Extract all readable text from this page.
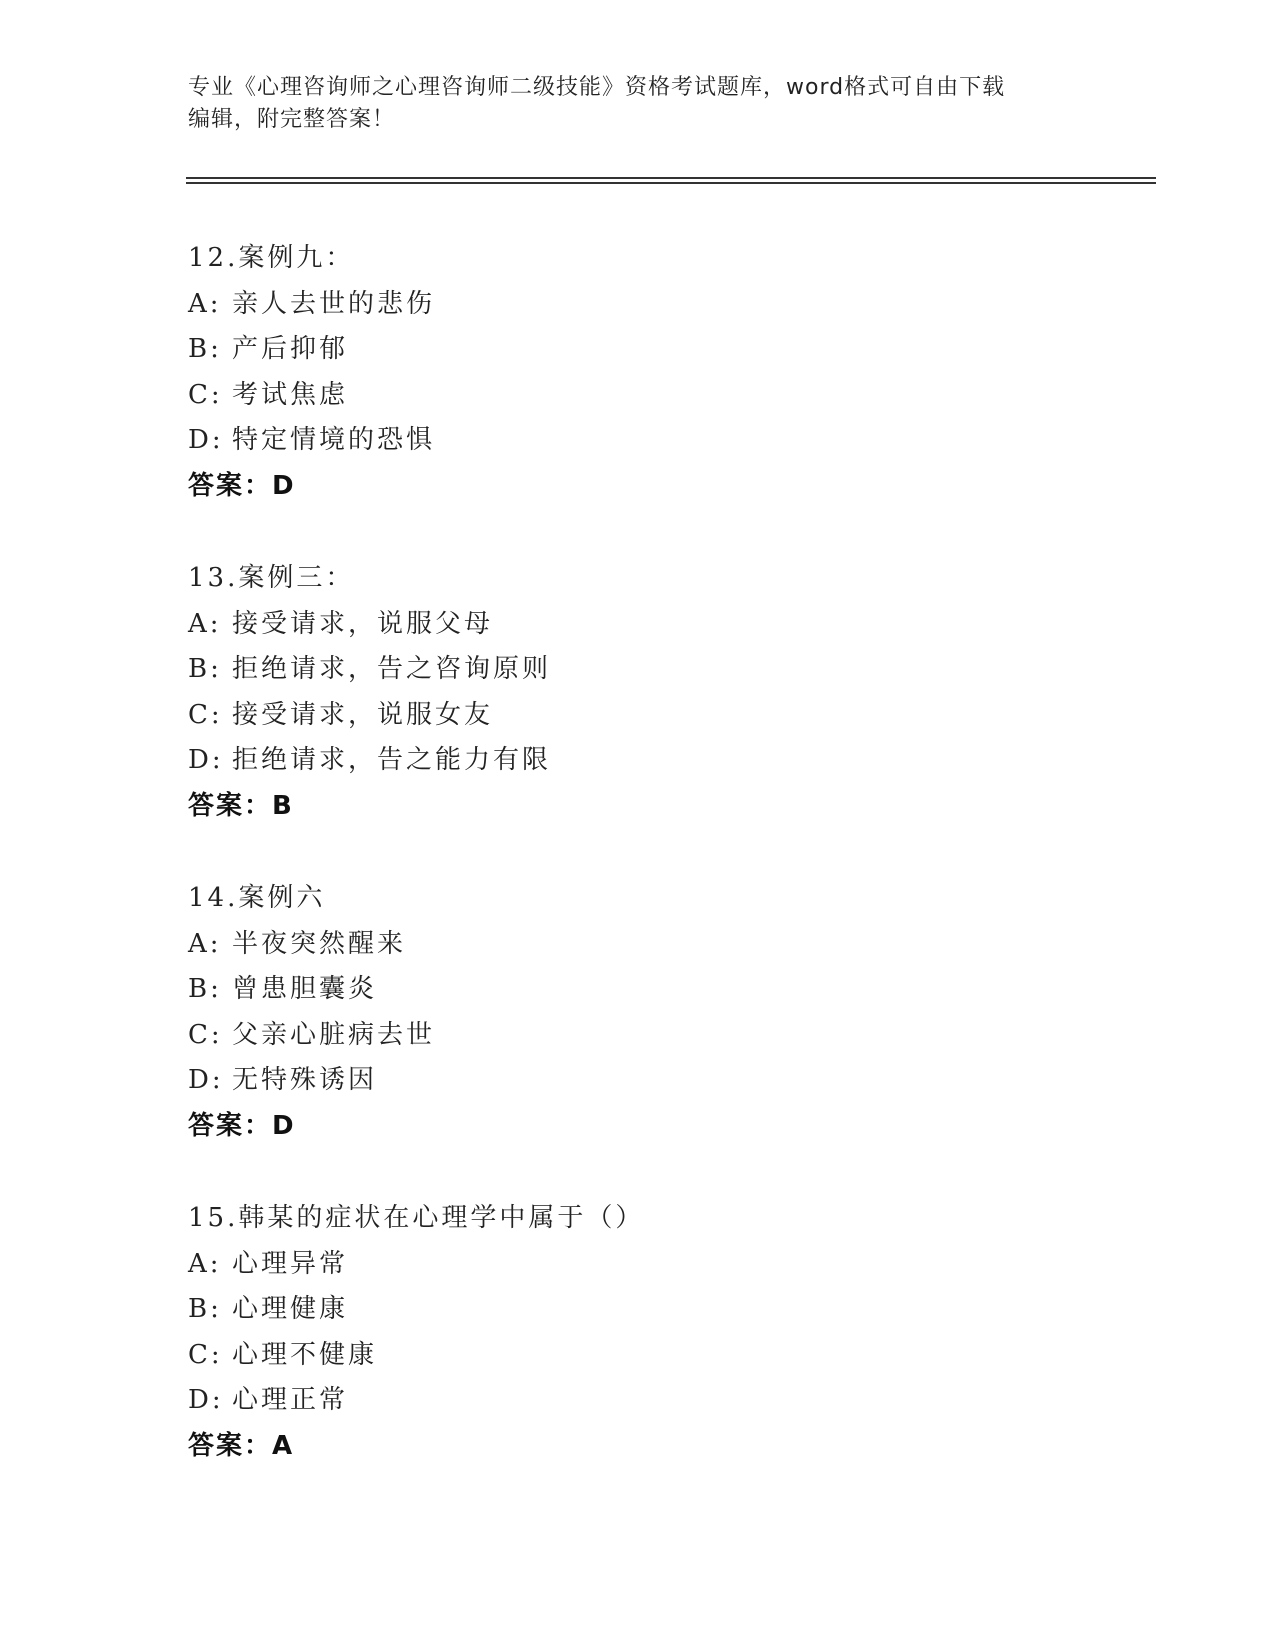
专业《心理咨询师之心理咨询师二级技能》资格考试题库，word格式可自由下载
编辑，附完整答案！
12.案例九：
A: 亲人去世的悲伤
B: 产后抑郁
C: 考试焦虑
D: 特定情境的恐惧
答案：D
13.案例三：
A: 接受请求，说服父母
B: 拒绝请求，告之咨询原则
C: 接受请求，说服女友
D: 拒绝请求，告之能力有限
答案：B
14.案例六
A: 半夜突然醒来
B: 曾患胆囊炎
C: 父亲心脏病去世
D: 无特殊诱因
答案：D
15.韩某的症状在心理学中属于（）
A: 心理异常
B: 心理健康
C: 心理不健康
D: 心理正常
答案：A
